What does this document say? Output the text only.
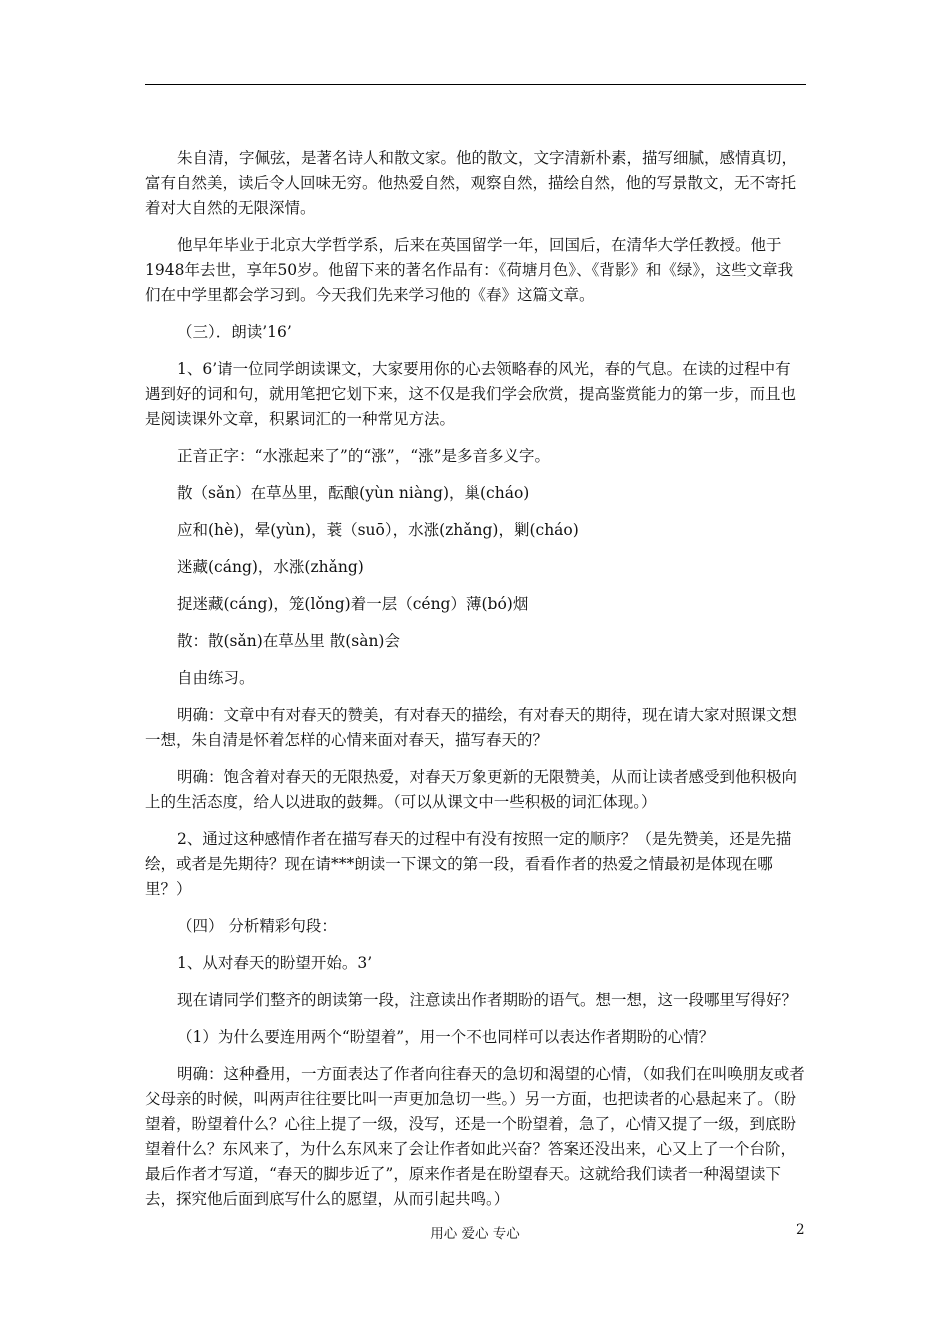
朱自清，字佩弦，是著名诗人和散文家。他的散文，文字清新朴素，描写细腻，感情真切，富有自然美，读后令人回味无穷。他热爱自然，观察自然，描绘自然，他的写景散文，无不寄托着对大自然的无限深情。

他早年毕业于北京大学哲学系，后来在英国留学一年，回国后，在清华大学任教授。他于1948年去世，享年50岁。他留下来的著名作品有：《荷塘月色》、《背影》和《绿》，这些文章我们在中学里都会学习到。今天我们先来学习他的《春》这篇文章。

（三）．朗读’16’

1、6’请一位同学朗读课文，大家要用你的心去领略春的风光，春的气息。在读的过程中有遇到好的词和句，就用笔把它划下来，这不仅是我们学会欣赏，提高鉴赏能力的第一步，而且也是阅读课外文章，积累词汇的一种常见方法。

正音正字：“水涨起来了”的“涨”，“涨”是多音多义字。

散（sǎn）在草丛里，酝酿(yùn niàng)，巢(cháo)

应和(hè)，晕(yùn)，蓑（suō），水涨(zhǎng)，剿(cháo)

迷藏(cáng)，水涨(zhǎng)

捉迷藏(cáng)，笼(lǒng)着一层（céng）薄(bó)烟

散：散(sǎn)在草丛里 散(sàn)会

自由练习。

明确：文章中有对春天的赞美，有对春天的描绘，有对春天的期待，现在请大家对照课文想一想，朱自清是怀着怎样的心情来面对春天，描写春天的？

明确：饱含着对春天的无限热爱，对春天万象更新的无限赞美，从而让读者感受到他积极向上的生活态度，给人以进取的鼓舞。（可以从课文中一些积极的词汇体现。）

2、通过这种感情作者在描写春天的过程中有没有按照一定的顺序？（是先赞美，还是先描绘，或者是先期待？现在请***朗读一下课文的第一段，看看作者的热爱之情最初是体现在哪里？）

（四） 分析精彩句段：

1、从对春天的盼望开始。3’

现在请同学们整齐的朗读第一段，注意读出作者期盼的语气。想一想，这一段哪里写得好？

（1）为什么要连用两个“盼望着”，用一个不也同样可以表达作者期盼的心情？

明确：这种叠用，一方面表达了作者向往春天的急切和渴望的心情，（如我们在叫唤朋友或者父母亲的时候，叫两声往往要比叫一声更加急切一些。）另一方面，也把读者的心悬起来了。（盼望着，盼望着什么？心往上提了一级，没写，还是一个盼望着，急了，心情又提了一级，到底盼望着什么？东风来了，为什么东风来了会让作者如此兴奋？答案还没出来，心又上了一个台阶，最后作者才写道，“春天的脚步近了”，原来作者是在盼望春天。这就给我们读者一种渴望读下去，探究他后面到底写什么的愿望，从而引起共鸣。）

用心 爱心 专心	2
